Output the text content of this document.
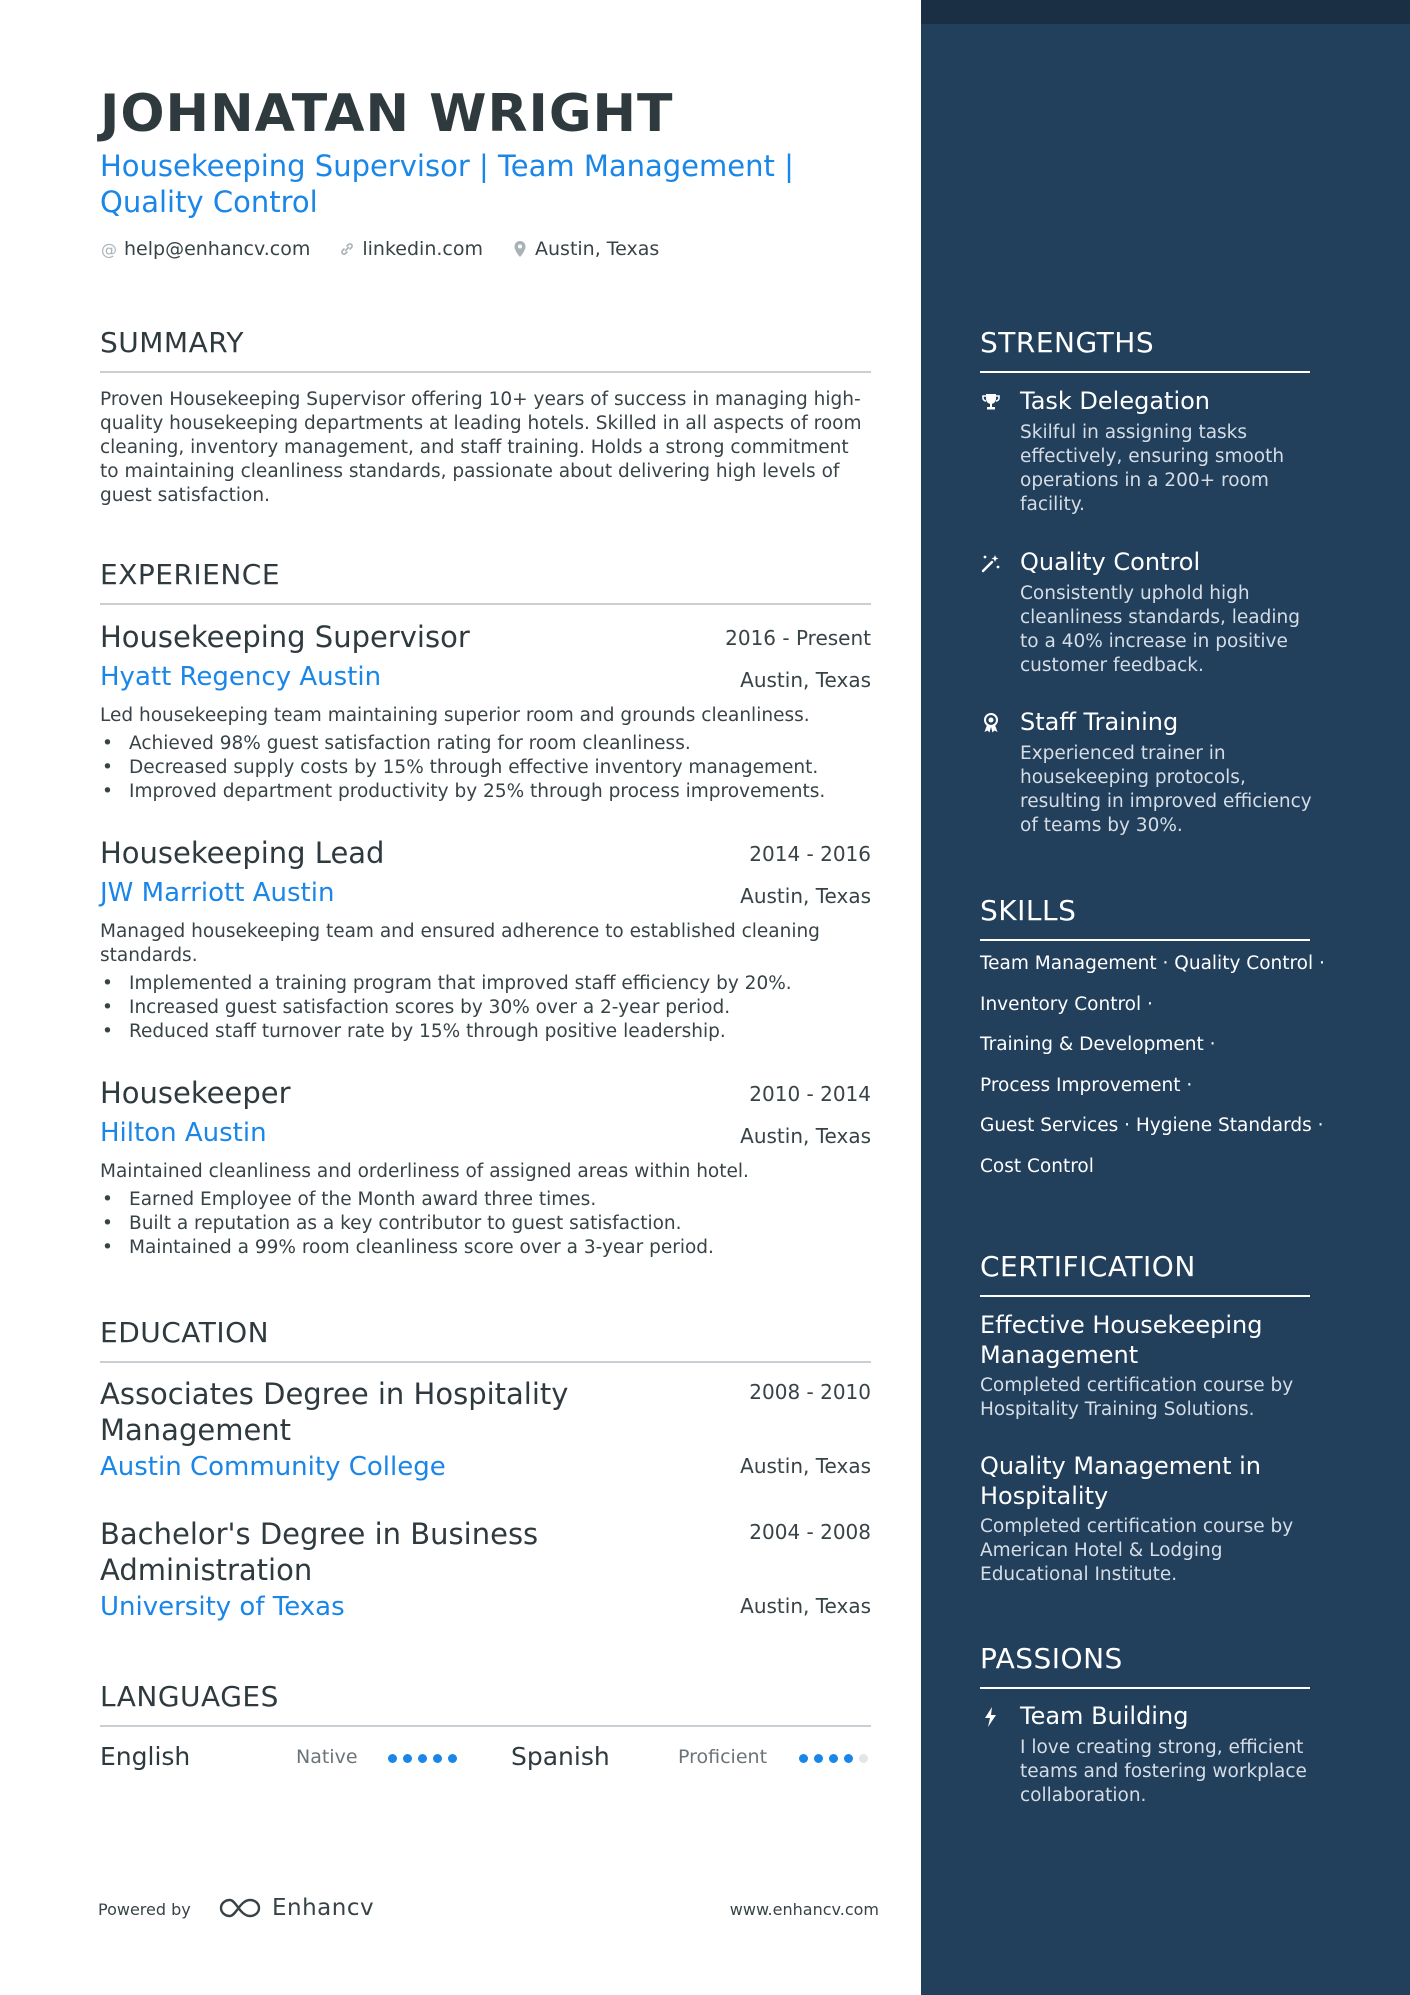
JOHNATAN WRIGHT
Housekeeping Supervisor | Team Management | Quality Control
@ help@enhancv.com	linkedin.com	Austin, Texas
SUMMARY
Proven Housekeeping Supervisor offering 10+ years of success in managing high-quality housekeeping departments at leading hotels. Skilled in all aspects of room cleaning, inventory management, and staff training. Holds a strong commitment to maintaining cleanliness standards, passionate about delivering high levels of guest satisfaction.
EXPERIENCE
Housekeeping Supervisor	2016 - Present
Hyatt Regency Austin	Austin, Texas
Led housekeeping team maintaining superior room and grounds cleanliness.
• Achieved 98% guest satisfaction rating for room cleanliness.
• Decreased supply costs by 15% through effective inventory management.
• Improved department productivity by 25% through process improvements.
Housekeeping Lead	2014 - 2016
JW Marriott Austin	Austin, Texas
Managed housekeeping team and ensured adherence to established cleaning standards.
• Implemented a training program that improved staff efficiency by 20%.
• Increased guest satisfaction scores by 30% over a 2-year period.
• Reduced staff turnover rate by 15% through positive leadership.
Housekeeper	2010 - 2014
Hilton Austin	Austin, Texas
Maintained cleanliness and orderliness of assigned areas within hotel.
• Earned Employee of the Month award three times.
• Built a reputation as a key contributor to guest satisfaction.
• Maintained a 99% room cleanliness score over a 3-year period.
EDUCATION
Associates Degree in Hospitality Management
2008 - 2010
Austin Community College	Austin, Texas
Bachelor's Degree in Business Administration
2004 - 2008
University of Texas	Austin, Texas
LANGUAGES
English	Native	Spanish	Proficient
Powered by	Enhancv	www.enhancv.com
STRENGTHS
Task Delegation
Skilful in assigning tasks effectively, ensuring smooth operations in a 200+ room facility.
Quality Control
Consistently uphold high cleanliness standards, leading to a 40% increase in positive customer feedback.
Staff Training
Experienced trainer in housekeeping protocols, resulting in improved efficiency of teams by 30%.
SKILLS
Team Management · Quality Control ·
Inventory Control ·
Training & Development ·
Process Improvement ·
Guest Services · Hygiene Standards ·
Cost Control
CERTIFICATION
Effective Housekeeping Management
Completed certification course by Hospitality Training Solutions.
Quality Management in Hospitality
Completed certification course by American Hotel & Lodging Educational Institute.
PASSIONS
Team Building
I love creating strong, efficient teams and fostering workplace collaboration.
